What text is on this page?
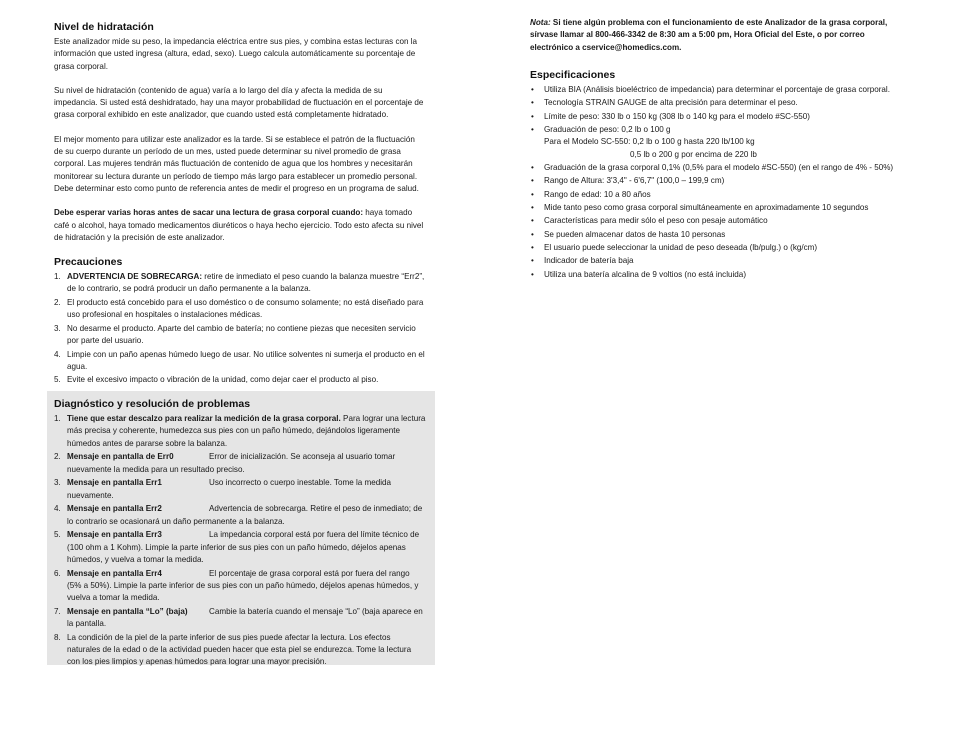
Nivel de hidratación

Este analizador mide su peso, la impedancia eléctrica entre sus pies, y combina estas lecturas con la información que usted ingresa (altura, edad, sexo). Luego calcula automáticamente su porcentaje de grasa corporal.

Su nivel de hidratación (contenido de agua) varía a lo largo del día y afecta la medida de su impedancia. Si usted está deshidratado, hay una mayor probabilidad de fluctuación en el porcentaje de grasa corporal exhibido en este analizador, que cuando usted está completamente hidratado.

El mejor momento para utilizar este analizador es la tarde. Si se establece el patrón de la fluctuación de su cuerpo durante un período de un mes, usted puede determinar su nivel promedio de grasa corporal. Las mujeres tendrán más fluctuación de contenido de agua que los hombres y necesitarán monitorear su lectura durante un período de tiempo más largo para establecer un promedio personal. Debe determinar esto como punto de referencia antes de medir el progreso en un programa de salud.

Debe esperar varias horas antes de sacar una lectura de grasa corporal cuando: haya tomado café o alcohol, haya tomado medicamentos diuréticos o haya hecho ejercicio. Todo esto afecta su nivel de hidratación y la precisión de este analizador.

Precauciones
1. ADVERTENCIA DE SOBRECARGA: retire de inmediato el peso cuando la balanza muestre “Err2”, de lo contrario, se podrá producir un daño permanente a la balanza.
2. El producto está concebido para el uso doméstico o de consumo solamente; no está diseñado para uso profesional en hospitales o instalaciones médicas.
3. No desarme el producto. Aparte del cambio de batería; no contiene piezas que necesiten servicio por parte del usuario.
4. Limpie con un paño apenas húmedo luego de usar. No utilice solventes ni sumerja el producto en el agua.
5. Evite el excesivo impacto o vibración de la unidad, como dejar caer el producto al piso.
Diagnóstico y resolución de problemas
1. Tiene que estar descalzo para realizar la medición de la grasa corporal. Para lograr una lectura más precisa y coherente, humedezca sus pies con un paño húmedo, dejándolos ligeramente húmedos antes de pararse sobre la balanza.
2. Mensaje en pantalla de Err0	Error de inicialización. Se aconseja al usuario tomar nuevamente la medida para un resultado preciso.
3. Mensaje en pantalla Err1	Uso incorrecto o cuerpo inestable. Tome la medida nuevamente.
4. Mensaje en pantalla Err2	Advertencia de sobrecarga. Retire el peso de inmediato; de lo contrario se ocasionará un daño permanente a la balanza.
5. Mensaje en pantalla Err3	La impedancia corporal está por fuera del límite técnico de (100 ohm a 1 Kohm). Limpie la parte inferior de sus pies con un paño húmedo, déjelos apenas húmedos, y vuelva a tomar la medida.
6. Mensaje en pantalla Err4	El porcentaje de grasa corporal está por fuera del rango (5% a 50%). Limpie la parte inferior de sus pies con un paño húmedo, déjelos apenas húmedos, y vuelva a tomar la medida.
7. Mensaje en pantalla “Lo” (baja)	Cambie la batería cuando el mensaje “Lo” (baja aparece en la pantalla.
8. La condición de la piel de la parte inferior de sus pies puede afectar la lectura. Los efectos naturales de la edad o de la actividad pueden hacer que esta piel se endurezca. Tome la lectura con los pies limpios y apenas húmedos para lograr una mayor precisión.

Nota: Si tiene algún problema con el funcionamiento de este Analizador de la grasa corporal, sírvase llamar al 800-466-3342 de 8:30 am a 5:00 pm, Hora Oficial del Este, o por correo electrónico a cservice@homedics.com.

Especificaciones
• Utiliza BIA (Análisis bioeléctrico de impedancia) para determinar el porcentaje de grasa corporal.
• Tecnología STRAIN GAUGE de alta precisión para determinar el peso.
• Límite de peso: 330 lb o 150 kg (308 lb o 140 kg para el modelo #SC-550)
• Graduación de peso: 0,2 lb o 100 g
Para el Modelo SC-550: 0,2 lb o 100 g hasta 220 lb/100 kg
0,5 lb o 200 g por encima de 220 lb
• Graduación de la grasa corporal 0,1% (0,5% para el modelo #SC-550) (en el rango de 4% - 50%)
• Rango de Altura: 3'3,4" - 6'6,7" (100,0 – 199,9 cm)
• Rango de edad: 10 a 80 años
• Mide tanto peso como grasa corporal simultáneamente en aproximadamente 10 segundos
• Características para medir sólo el peso con pesaje automático
• Se pueden almacenar datos de hasta 10 personas
• El usuario puede seleccionar la unidad de peso deseada (lb/pulg.) o (kg/cm)
• Indicador de batería baja
• Utiliza una batería alcalina de 9 voltios (no está incluida)
